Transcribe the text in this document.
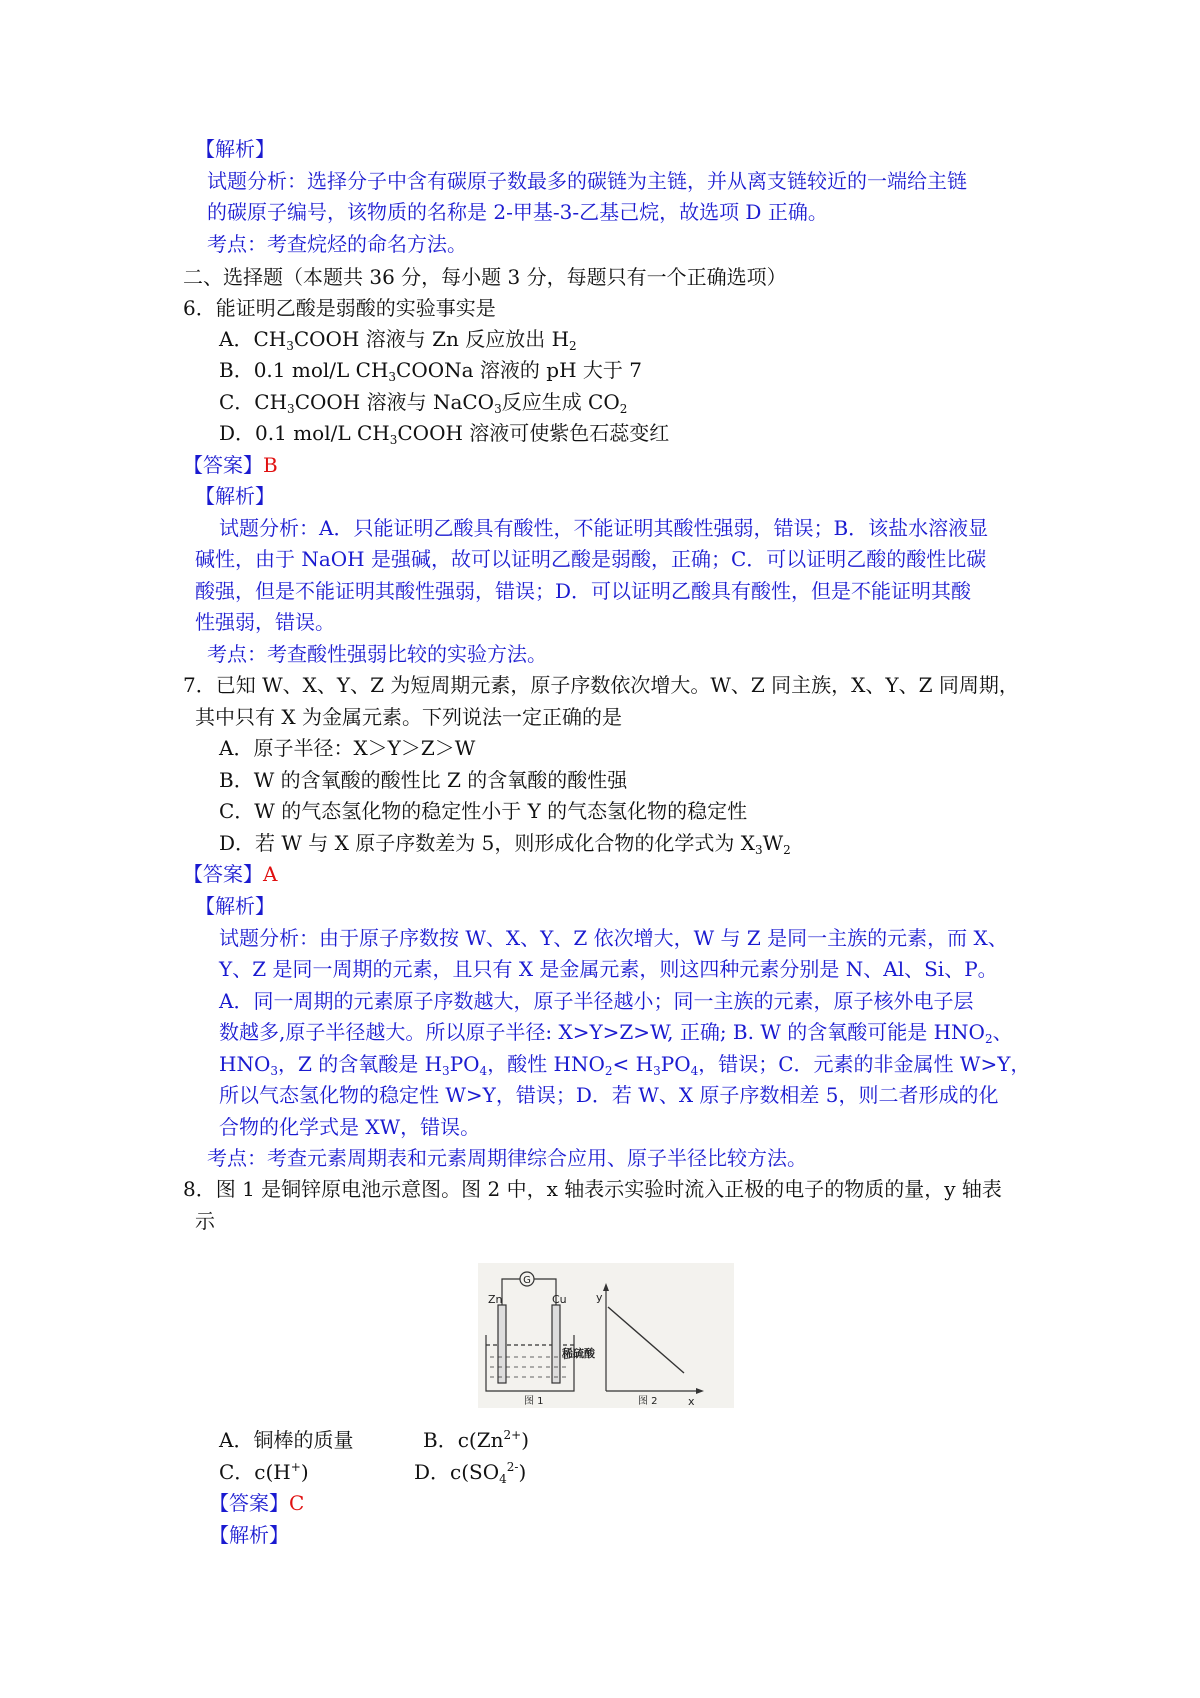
【解析】
试题分析：选择分子中含有碳原子数最多的碳链为主链，并从离支链较近的一端给主链
的碳原子编号，该物质的名称是 2-甲基-3-乙基己烷，故选项 D 正确。
考点：考查烷烃的命名方法。
二、选择题（本题共 36 分，每小题 3 分，每题只有一个正确选项）
6．能证明乙酸是弱酸的实验事实是
A．$CH_3COOH$ 溶液与 Zn 反应放出 $H_2$
B．0.1 mol/L $CH_3COONa$ 溶液的 pH 大于 7
C．$CH_3COOH$ 溶液与 NaCO$_3$反应生成 $CO_2$
D．0.1 mol/L $CH_3COOH$ 溶液可使紫色石蕊变红
【答案】B
【解析】
试题分析：A．只能证明乙酸具有酸性，不能证明其酸性强弱，错误；B．该盐水溶液显
碱性，由于 NaOH 是强碱，故可以证明乙酸是弱酸，正确；C．可以证明乙酸的酸性比碳
酸强，但是不能证明其酸性强弱，错误；D．可以证明乙酸具有酸性，但是不能证明其酸
性强弱，错误。
考点：考查酸性强弱比较的实验方法。
7．已知 W、X、Y、Z 为短周期元素，原子序数依次增大。W、Z 同主族，X、Y、Z 同周期，
其中只有 X 为金属元素。下列说法一定正确的是
A．原子半径：X＞Y＞Z＞W
B．W 的含氧酸的酸性比 Z 的含氧酸的酸性强
C．W 的气态氢化物的稳定性小于 Y 的气态氢化物的稳定性
D．若 W 与 X 原子序数差为 5，则形成化合物的化学式为 $X_3W_2$
【答案】A
【解析】
试题分析：由于原子序数按 W、X、Y、Z 依次增大，W 与 Z 是同一主族的元素，而 X、
Y、Z 是同一周期的元素，且只有 X 是金属元素，则这四种元素分别是 N、Al、Si、P。
A．同一周期的元素原子序数越大，原子半径越小；同一主族的元素，原子核外电子层
数越多,原子半径越大。所以原子半径: X>Y>Z>W, 正确; B. W 的含氧酸可能是 $HNO_2$、
$HNO_3$，Z 的含氧酸是 $H_3PO_4$，酸性 $HNO_2< H_3PO_4$，错误；C．元素的非金属性 W>Y，
所以气态氢化物的稳定性 W>Y，错误；D．若 W、X 原子序数相差 5，则二者形成的化
合物的化学式是 XW，错误。
考点：考查元素周期表和元素周期律综合应用、原子半径比较方法。
8．图 1 是铜锌原电池示意图。图 2 中，x 轴表示实验时流入正极的电子的物质的量，y 轴表
示
G
Zn	Cu
稀硫酸
图 1
y
x
图 2
A．铜棒的质量	B．$c(Zn^{2+})$
C．c(H+)	D．$c(SO_4^{2-})$
【答案】C
【解析】
